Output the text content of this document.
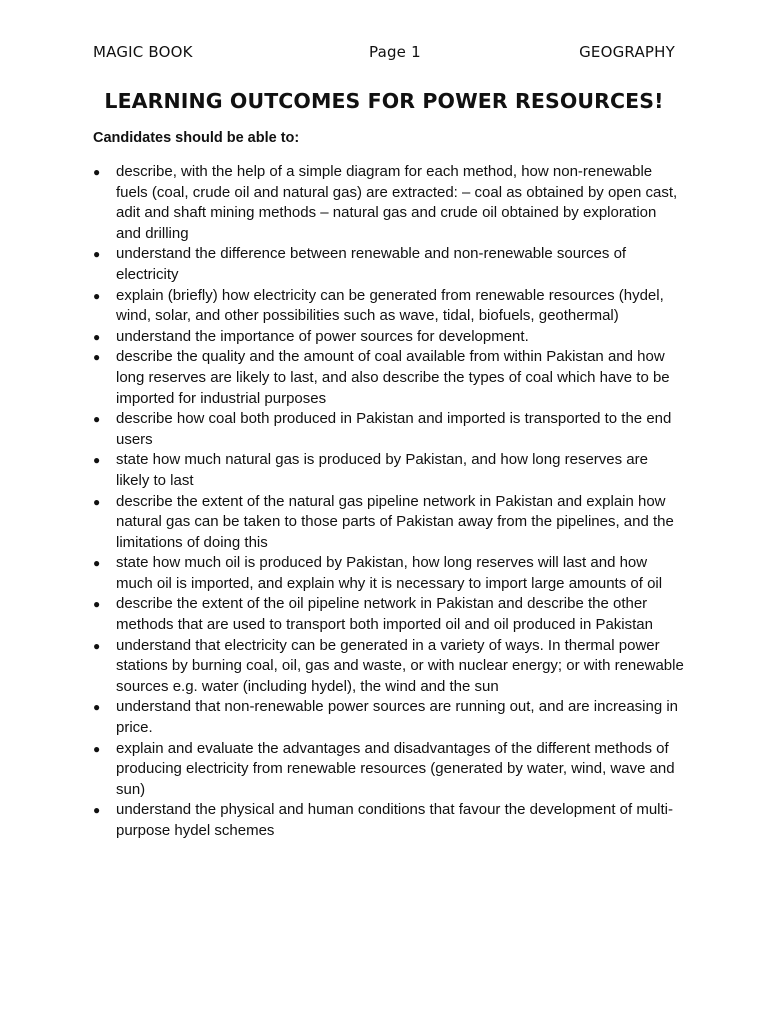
MAGIC BOOK	Page 1	GEOGRAPHY
LEARNING OUTCOMES FOR POWER RESOURCES!
Candidates should be able to:
● describe, with the help of a simple diagram for each method, how non-renewable fuels (coal, crude oil and natural gas) are extracted: – coal as obtained by open cast, adit and shaft mining methods – natural gas and crude oil obtained by exploration and drilling
● understand the difference between renewable and non-renewable sources of electricity
● explain (briefly) how electricity can be generated from renewable resources (hydel, wind, solar, and other possibilities such as wave, tidal, biofuels, geothermal)
● understand the importance of power sources for development.
● describe the quality and the amount of coal available from within Pakistan and how long reserves are likely to last, and also describe the types of coal which have to be imported for industrial purposes
● describe how coal both produced in Pakistan and imported is transported to the end users
● state how much natural gas is produced by Pakistan, and how long reserves are likely to last
● describe the extent of the natural gas pipeline network in Pakistan and explain how natural gas can be taken to those parts of Pakistan away from the pipelines, and the limitations of doing this
● state how much oil is produced by Pakistan, how long reserves will last and how much oil is imported, and explain why it is necessary to import large amounts of oil
● describe the extent of the oil pipeline network in Pakistan and describe the other methods that are used to transport both imported oil and oil produced in Pakistan
● understand that electricity can be generated in a variety of ways. In thermal power stations by burning coal, oil, gas and waste, or with nuclear energy; or with renewable sources e.g. water (including hydel), the wind and the sun
● understand that non-renewable power sources are running out, and are increasing in price.
● explain and evaluate the advantages and disadvantages of the different methods of producing electricity from renewable resources (generated by water, wind, wave and sun)
● understand the physical and human conditions that favour the development of multi-purpose hydel schemes
